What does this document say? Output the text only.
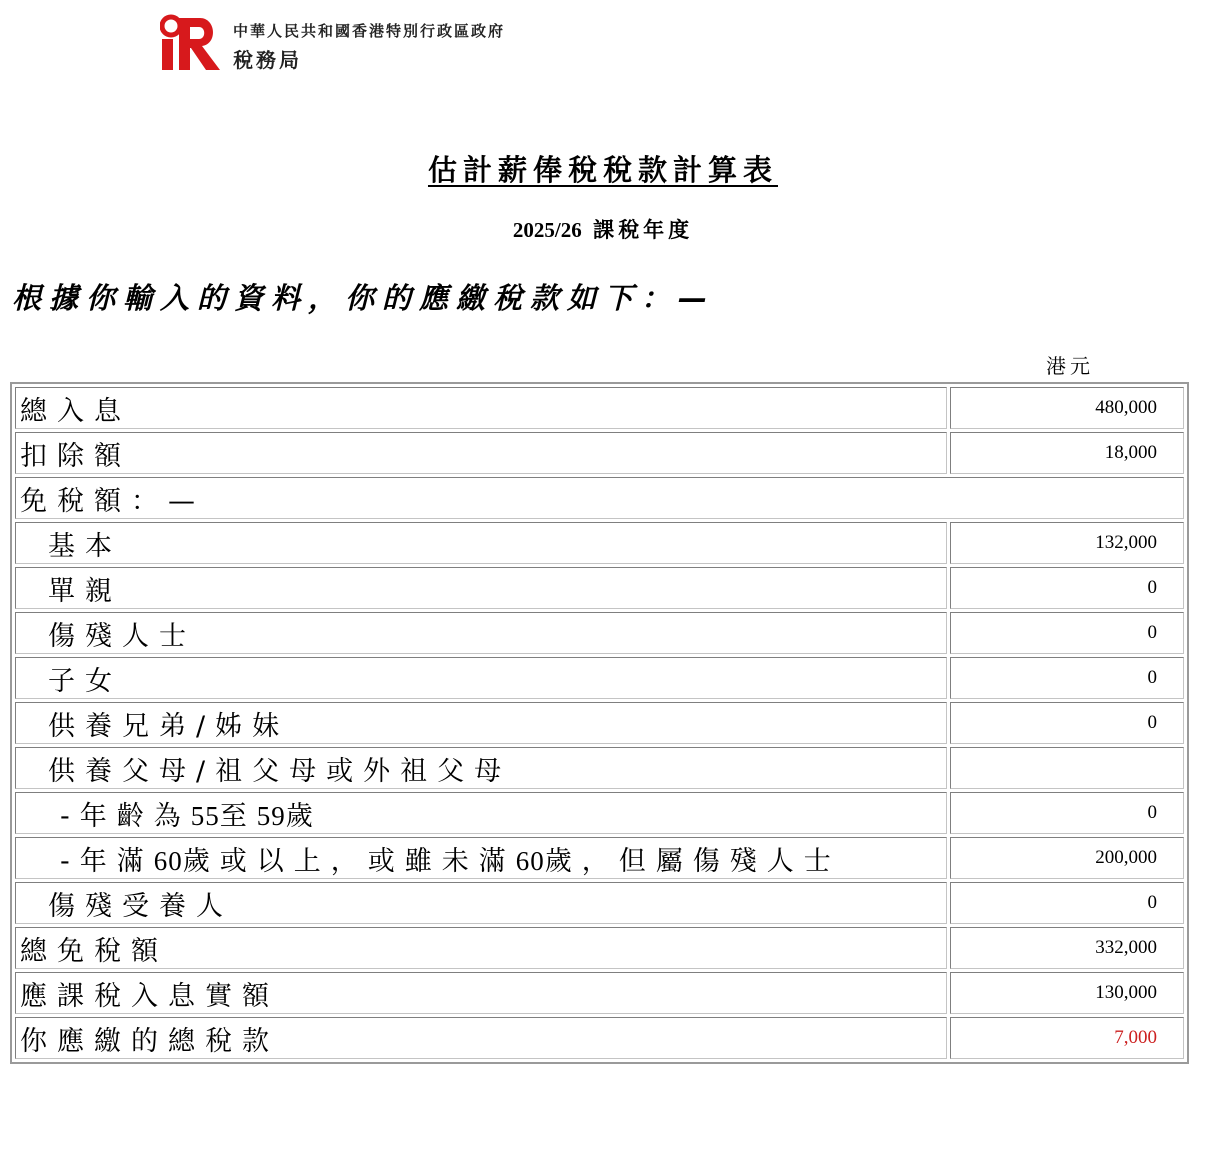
中華人民共和國香港特別行政區政府
稅務局
估計薪俸稅稅款計算表
2025/26 課稅年度
根據你輸入的資料，你的應繳稅款如下：—
港元
總入息	480,000
扣除額	18,000
免稅額：—	
基本	132,000
單親	0
傷殘人士	0
子女	0
供養兄弟/姊妹	0
供養父母/祖父母或外祖父母	
-年齡為55至59歲	0
-年滿60歲或以上，或雖未滿60歲，但屬傷殘人士	200,000
傷殘受養人	0
總免稅額	332,000
應課稅入息實額	130,000
你應繳的總稅款	7,000
